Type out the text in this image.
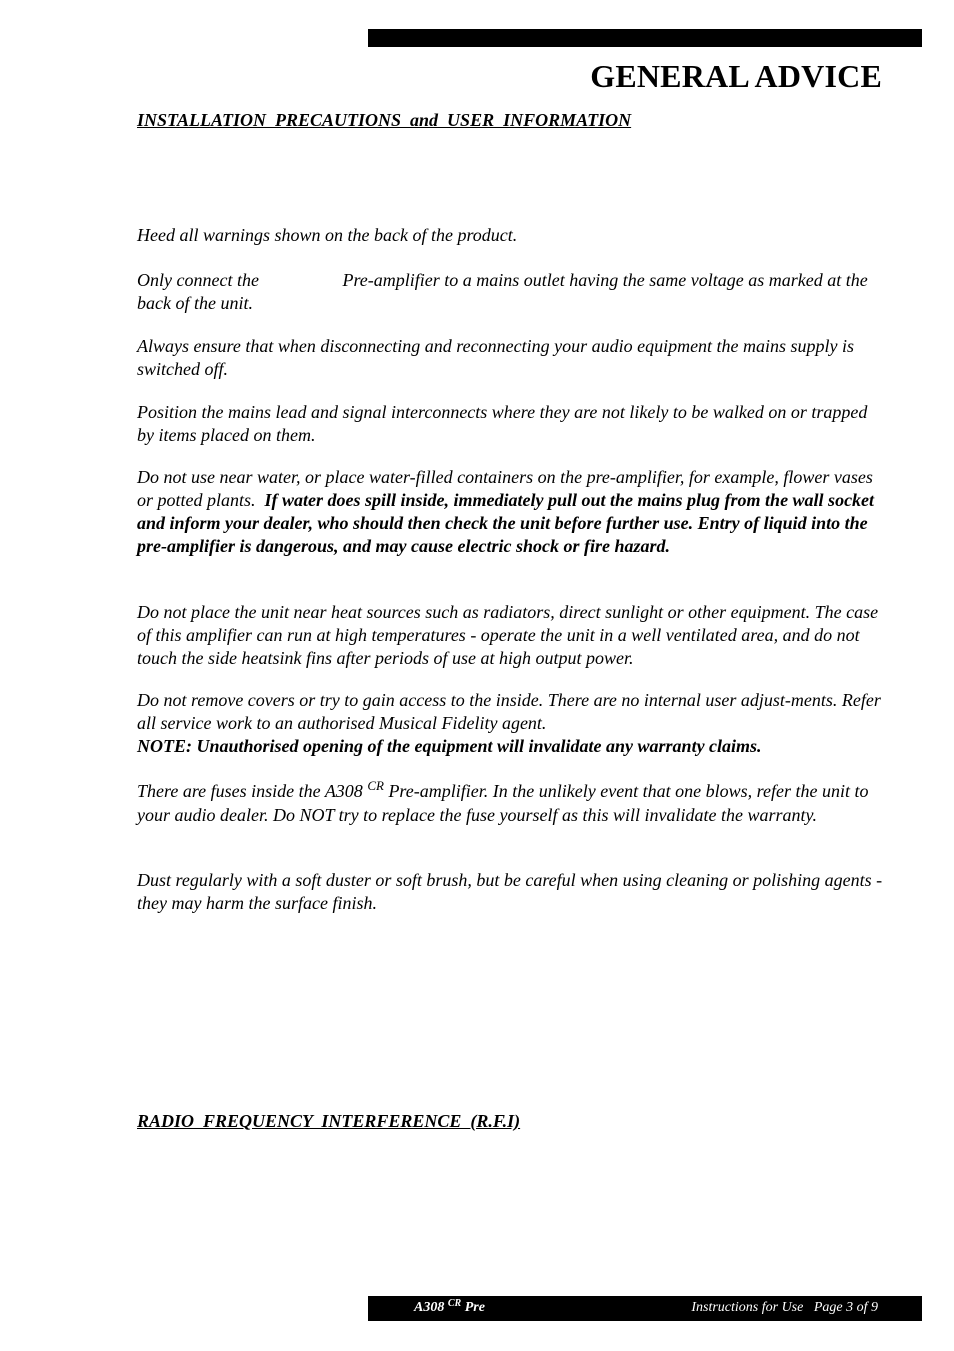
GENERAL ADVICE
INSTALLATION  PRECAUTIONS  and  USER  INFORMATION

Heed all warnings shown on the back of the product.

Only connect the	Pre-amplifier to a mains outlet having the same voltage as marked at the back of the unit.

Always ensure that when disconnecting and reconnecting your audio equipment the mains supply is switched off.

Position the mains lead and signal interconnects where they are not likely to be walked on or trapped by items placed on them.

Do not use near water, or place water-filled containers on the pre-amplifier, for example, flower vases or potted plants. If water does spill inside, immediately pull out the mains plug from the wall socket and inform your dealer, who should then check the unit before further use. Entry of liquid into the pre-amplifier is dangerous, and may cause electric shock or fire hazard.

Do not place the unit near heat sources such as radiators, direct sunlight or other equipment. The case of this amplifier can run at high temperatures - operate the unit in a well ventilated area, and do not touch the side heatsink fins after periods of use at high output power.

Do not remove covers or try to gain access to the inside. There are no internal user adjust-ments. Refer all service work to an authorised Musical Fidelity agent.
NOTE: Unauthorised opening of the equipment will invalidate any warranty claims.

There are fuses inside the A308 $^{CR}$ Pre-amplifier. In the unlikely event that one blows, refer the unit to your audio dealer. Do NOT try to replace the fuse yourself as this will invalidate the warranty.

Dust regularly with a soft duster or soft brush, but be careful when using cleaning or polishing agents - they may harm the surface finish.

RADIO  FREQUENCY  INTERFERENCE  (R.F.I)
A308 $^{CR}$ Pre	Instructions for Use Page 3 of 9
